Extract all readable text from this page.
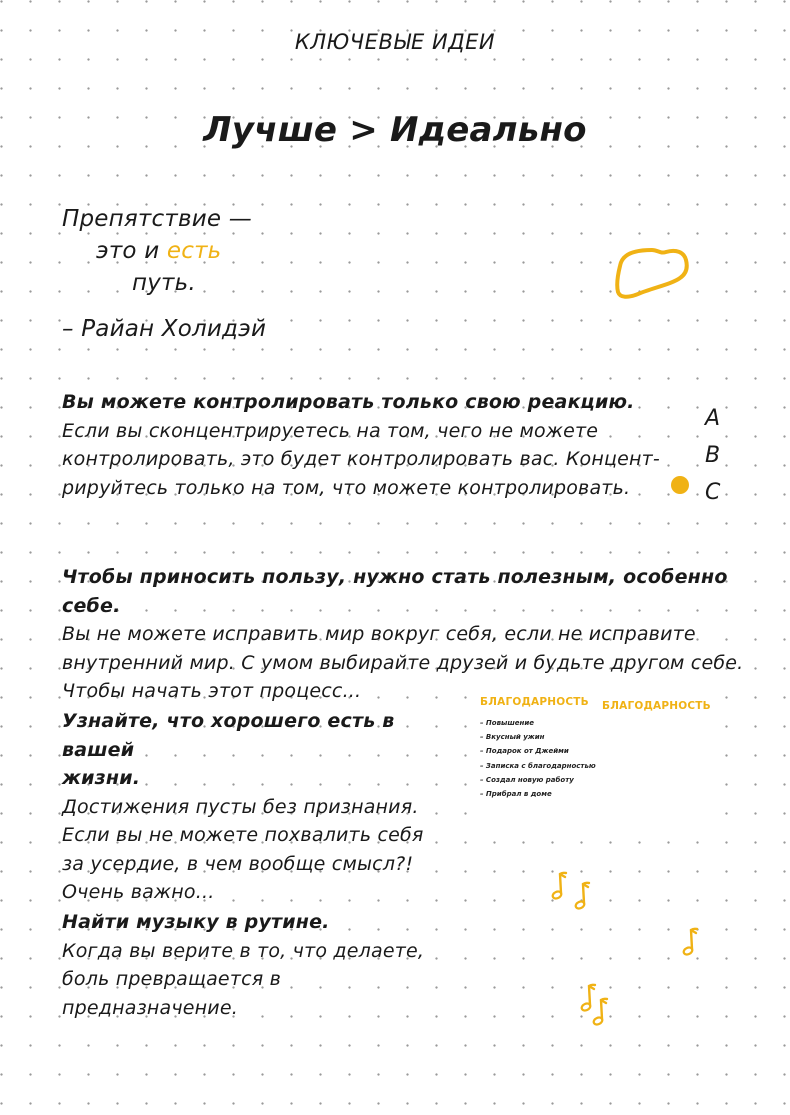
КЛЮЧЕВЫЕ ИДЕИ
Лучше > Идеально
Препятствие —
это и есть
путь.
– Райан Холидэй
Вы можете контролировать только свою реакцию.
Если вы сконцентрируетесь на том, чего не можете
контролировать, это будет контролировать вас. Концент-
рируйтесь только на том, что можете контролировать.
A
B
C
Чтобы приносить пользу, нужно стать полезным, особенно себе.
Вы не можете исправить мир вокруг себя, если не исправите
внутренний мир. С умом выбирайте друзей и будьте другом себе.
Чтобы начать этот процесс...
Узнайте, что хорошего есть в вашей
жизни.
Достижения пусты без признания.
Если вы не можете похвалить себя
за усердие, в чем вообще смысл?!
Очень важно...
БЛАГОДАРНОСТЬ
– Повышение
– Вкусный ужин
– Подарок от Джейми
– Записка с благодарностью
– Создал новую работу
– Прибрал в доме
БЛАГОДАРНОСТЬ
Найти музыку в рутине.
Когда вы верите в то, что делаете,
боль превращается в предназначение.
